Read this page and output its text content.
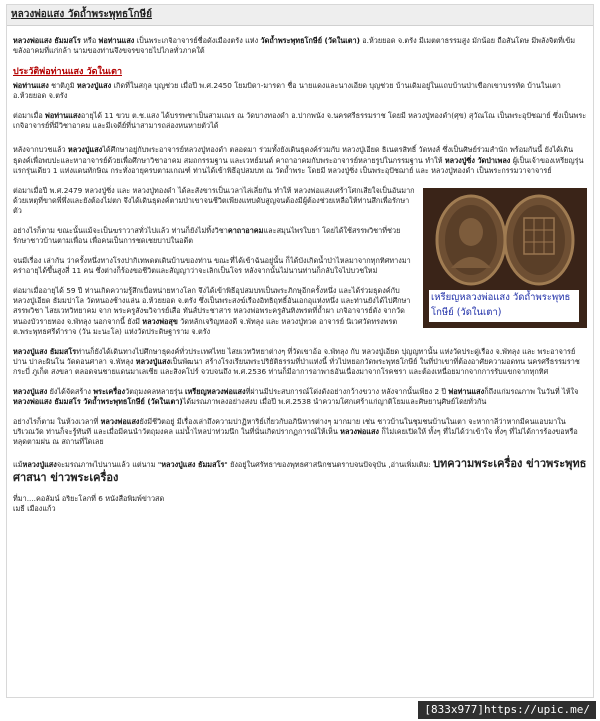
หลวงพ่อแสง วัดถ้ำพระพุทธโกษีย์

หลวงพ่อแสง ธัมมสโร หรือ พ่อท่านแสง เป็นพระเกจิอาจารย์ชื่อดังเมืองตรัง แห่ง วัดถ้ำพระพุทธโกษีย์ (วัดในเตา) อ.ห้วยยอด จ.ตรัง มีเมตตาธรรมสูง มักน้อย ถือสันโดษ มีพลังจิตที่เข้มขลังอาคมที่แก่กล้า นามของท่านจึงขจรขจายไปไกลทั่วภาคใต้

ประวัติพ่อท่านแสง วัดในเตา

พ่อท่านแสง ชาติภูมิ หลวงปู่แสง เกิดที่ในสกุล บุญช่วย เมื่อปี พ.ศ.2450 โยมบิดา-มารดา ชื่อ นายแดงและนางเอียด บุญช่วย บ้านเดิมอยู่ในแถบบ้านป่าเขือกเขาบรรทัด บ้านในเตา อ.ห้วยยอด จ.ตรัง

ต่อมาเมื่อ พ่อท่านแสงอายุได้ 11 ขวบ ต.ช.แสง ได้บรรพชาเป็นสามเณร ณ วัดบางทองดำ อ.ปากพนัง จ.นครศรีธรรมราช โดยมี หลวงปู่ทองดำ(ศุข) สุวัณโณ เป็นพระอุปัชฌาย์ ซึ่งเป็นพระเกจิอาจารย์ที่มีวิชาอาคม และมีเจดีย์ที่น่าสามารถล่องหนหายตัวได้

หลังจากบวชแล้ว หลวงปู่แสงได้ศึกษาอยู่กับพระอาจารย์หลวงปู่ทองดำ ตลอดมา ร่วมทั้งยังเดินธุดงค์ร่วมกับ หลวงปู่เอียด ธิเนตรสิทธิ์ วัดหงส์ ซึ่งเป็นศิษย์ร่วมสำนัก พร้อมกันนี้ ยังได้เดินธุดงค์เพื่อพบปะและหาอาจารย์ด้วยเพื่อศึกษาวิชาอาคม สมถกรรมฐาน และเวทย์มนต์ คาถาอาคมกับพระอาจารย์หลายรูปในกรรมฐาน ทำให้ หลวงปู่ซิ่ง วัดป่าเพลง ผู้เป็นเจ้าของเหรียญรุ่นแรกรุ่นเดียว 1 แห่งแดนทักษิณ กระทั่งอายุครบตามเกณฑ์ ท่านได้เข้าพิธีอุปสมบท ณ วัดถ้ำพระ โดยมี หลวงปู่ซิ่ง เป็นพระอุปัชฌาย์ และ หลวงปู่ทองดำ เป็นพระกรรมวาจาจารย์

เหรียญหลวงพ่อแสง วัดถ้ำพระพุทธ
โกษีย์ (วัดในเตา)

ต่อมาเมื่อปี พ.ศ.2479 หลวงปู่ซิ่ง และ หลวงปู่ทองดำ ได้ละสังขารเป็นเวลาไล่เลี่ยกัน ทำให้ หลวงพ่อแสงเศร้าโศกเสียใจเป็นอันมาก ด้วยเหตุที่ขาดพี่พึ่งและยังต้องไม่ตก จึงได้เดินธุดงค์ตามป่าเขาจนชีวิตเพียงแทบดับสูญจนต้องมีผู้ต้องช่วยเหลือให้ท่านสึกเพื่อรักษาตัว

อย่างไรก็ตาม ขณะนั้นแม้จะเป็นฆราวาสทั่วไปแล้ว ท่านก็ยังไม่ทิ้งวิชาคาถาอาคมและสมุนไพรใบยา โดยได้ใช้สรรพวิชาที่ช่วยรักษาชาวบ้านตามเพื่อน เพื่อคนเป็นการชดเชยบาปในอดีต

จนมีเรื่อง เล่ากัน ว่าครั้งหนึ่งทางโรงปากิเทพดตเดินบ้านของท่าน ขณะที่ได้เข้าฉันอยู่นั้น ก็ได้บังเกิดน้ำป่าไหลมาจากทุกทิศทางมาคร่าอายุได้ขึ้นสูงสี่ 11 คน ซึ่งต่างก็ร้องขอชีวิตและสัญญาว่าจะเลิกเป็นโจร หลังจากนั้นไม่นานท่านก็กลับใจไปบวชใหม่

ต่อมาเมื่ออายุได้ 59 ปี ท่านเกิดความรู้สึกเบื่อหน่ายทางโลก จึงได้เข้าพิธีอุปสมบทเป็นพระภิกษุอีกครั้งหนึ่ง และได้ร่วมธุดงค์กับหลวงปู่เอียด ธัมมปาโล วัดหนองช้างแล่น อ.ห้วยยอด จ.ตรัง ซึ่งเป็นพระสงฆ์เรืองอิทธิฤทธิ์อันเอกอุแห่งหนึ่ง และท่านยังได้ไปศึกษาสรรพวิชา ไสยเวทวิทยาคม จาก พระครูสังฆวิจารย์เสือ ทันส์ประชาสาร หลวงพ่อพระครูสันทิงพรตที่ถ้ำผา เกจิอาจารย์ดัง จากวัดหนองบัวรายทอง จ.พัทลุง นอกจากนี้ ยังมี หลวงพ่อสุข วัดหลักเจริญทองดี จ.พัทลุง และ หลวงปู่ทวด อาจารย์ นิเวศวัดทรงพรต ต.พระพุทธศรีดำราจ (วัน มะนะโล) แห่งวัดประดิษฐาราม จ.ตรัง

หลวงปู่แสง ธัมมสโรท่านก็ยังได้เดินทางไปศึกษาธุดงค์ทั่วประเทศไทย ไสยเวทวิทยาต่างๆ ที่วัดเขาอ้อ จ.พัทลุง กับ หลวงปู่เอียด ปุญญทานั้น แห่งวัดประดู่เรือง จ.พัทลุง และ พระอาจารย์ปาน ปาละผินโน วัดดอนศาลา จ.พัทลุง หลวงปู่แสงเป็นพัฒนา สร้างโรงเรียนพระปริยัติธรรมที่ป่าแห่งนี้ ทั่วไปหยอกวัดพระพุทธโกษีย์ ในที่ป่าเขาที่ต้องอาศัยความอดทน นครศรีธรรมราช กระบี่ ภูเก็ต สงขลา ตลอดจนชายแดนมาเลเซีย และสิงคโปร์ จวบจนถึง พ.ศ.2536 ท่านก็มีอาการอาพาธอันเนื่องมาจากโรคชรา และต้องเหนื่อยมากจากการรับแขกจากทุกทิศ

หลวงปู่แสง ยังได้จัดสร้าง พระเครื่องวัตถุมงคลหลายรุ่น เหรียญหลวงพ่อแสงที่ผ่านมีประสบการณ์โด่งดังอย่างกว้างขวาง หลังจากนั้นเพียง 2 ปี พ่อท่านแสงก็ถึงแก่มรณภาพ ในวันที่ ไห้ใจ หลวงพ่อแสง ธัมมสโร วัดถ้ำพระพุทธโกษีย์ (วัดในเตา)ได้มรณภาพลงอย่างสงบ เมื่อปี พ.ศ.2538 นำความโศกเศร้าแก่ญาติโยมและศิษยานุศิษย์โดยทั่วกัน

อย่างไรก็ตาม ในห้วงเวลาที่ หลวงพ่อแสงยังมีชีวิตอยู่ มีเรื่องเล่าถึงความปาฏิหาริย์เกี่ยวกับอภินิหารต่างๆ มากมาย เช่น ชาวบ้านในชุมชนบ้านในเตา จะหากาลีว่าหากมีคนแอบมาในบริเวณวัด ท่านก็จะรู้ทันที และเมื่อมีคนนำวัตถุมงคล แม่น้ำไหลบ่าท่วมนึก ในที่นั่นเกิดปรากฏการณ์ให้เห็น หลวงพ่อแสง ก็ไม่เคยเปิดให้ ทั้งๆ ที่ไม่ได้ว่าเข้าใจ ทั้งๆ ที่ไม่ได้การร้องขอหรือหลุดตามผ่น ณ สถานที่ใดเลย

แม้หลวงปู่แสงจะมรณภาพไปนานแล้ว แต่นาม "หลวงปู่แสง ธัมมสโร" ยังอยู่ในศรัทธาของพุทธศาสนิกชนตราบจนปัจจุบัน ,อ่านเพิ่มเติม: บทความพระเครื่อง ข่าวพระพุทธศาสนา ข่าวพระเครื่อง

ที่มา....คอลัมน์ อริยะโลกที่ 6 หนังสือพิมพ์ข่าวสด
เมธี เมืองแก้ว
[833x977]https://upic.me/
